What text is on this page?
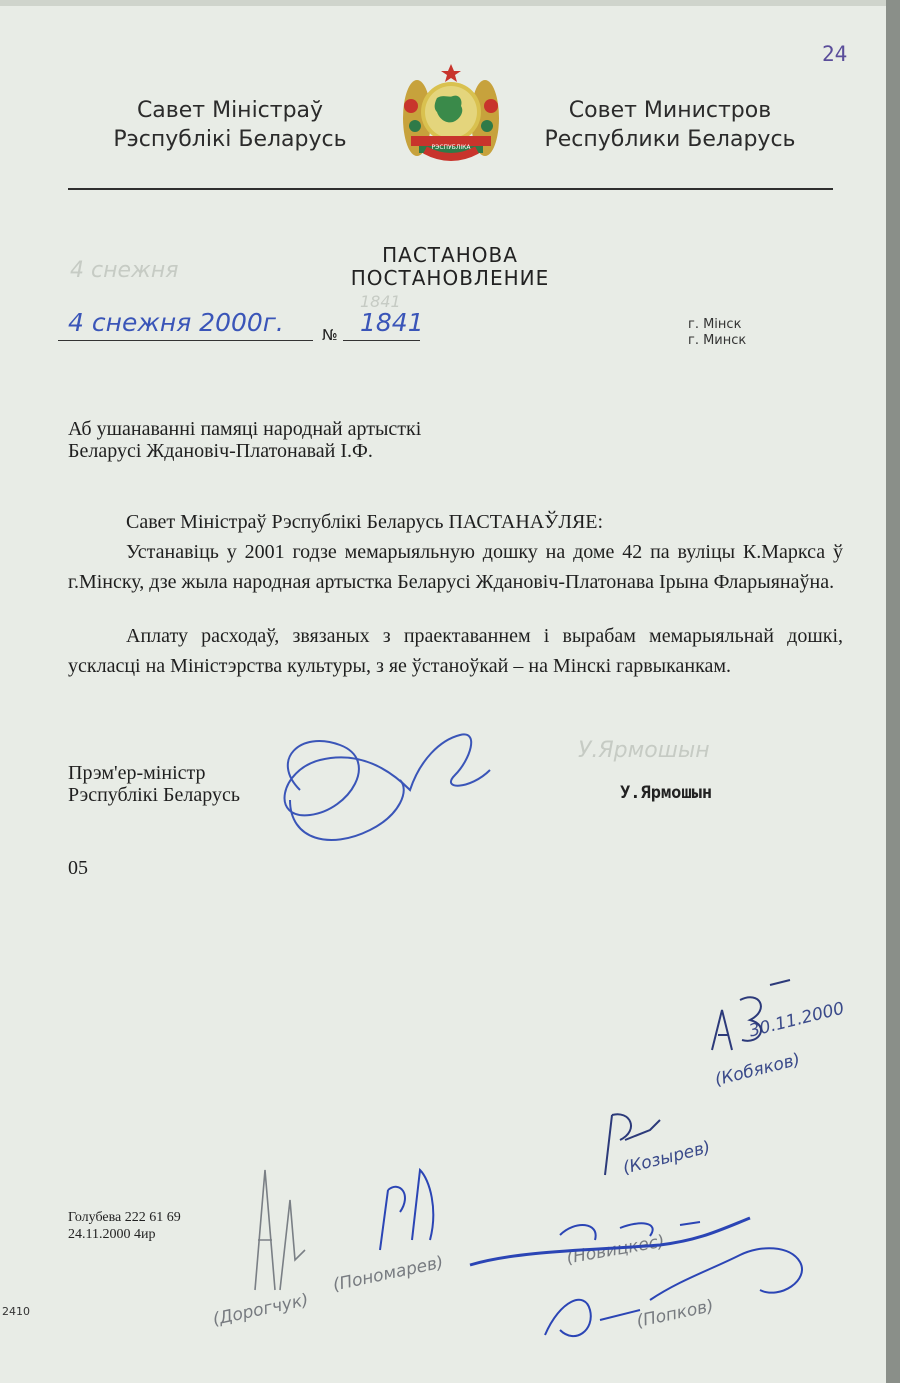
24
Савет Міністраў
Рэспублікі Беларусь	РЭСПУБЛІКА
Совет Министров
Республики Беларусь
4 снежня
ПАСТАНОВА
ПОСТАНОВЛЕНИЕ
1841
4 снежня 2000г.	№ 1841	г. Мінск
г. Минск
Аб ушанаванні памяці народнай артысткі
Беларусі Ждановіч-Платонавай І.Ф.
Савет Міністраў Рэспублікі Беларусь ПАСТАНАЎЛЯЕ:
Устанавіць у 2001 годзе мемарыяльную дошку на доме 42 па вуліцы К.Маркса ў г.Мінску, дзе жыла народная артыстка Беларусі Ждановіч-Платонава Ірына Фларыянаўна.
Аплату расходаў, звязаных з праектаваннем і вырабам мемарыяльнай дошкі, ускласці на Міністэрства культуры, з яе ўстаноўкай – на Мінскі гарвыканкам.
У.Ярмошын
Прэм'ер-міністр
Рэспублікі Беларусь	У.Ярмошын
05
30.11.2000
(Кобяков)
(Козырев)
(Новицкес)
(Пономарев)
(Дорогчук)	(Попков)
Голубева 222 61 69
24.11.2000 4ир
2410
